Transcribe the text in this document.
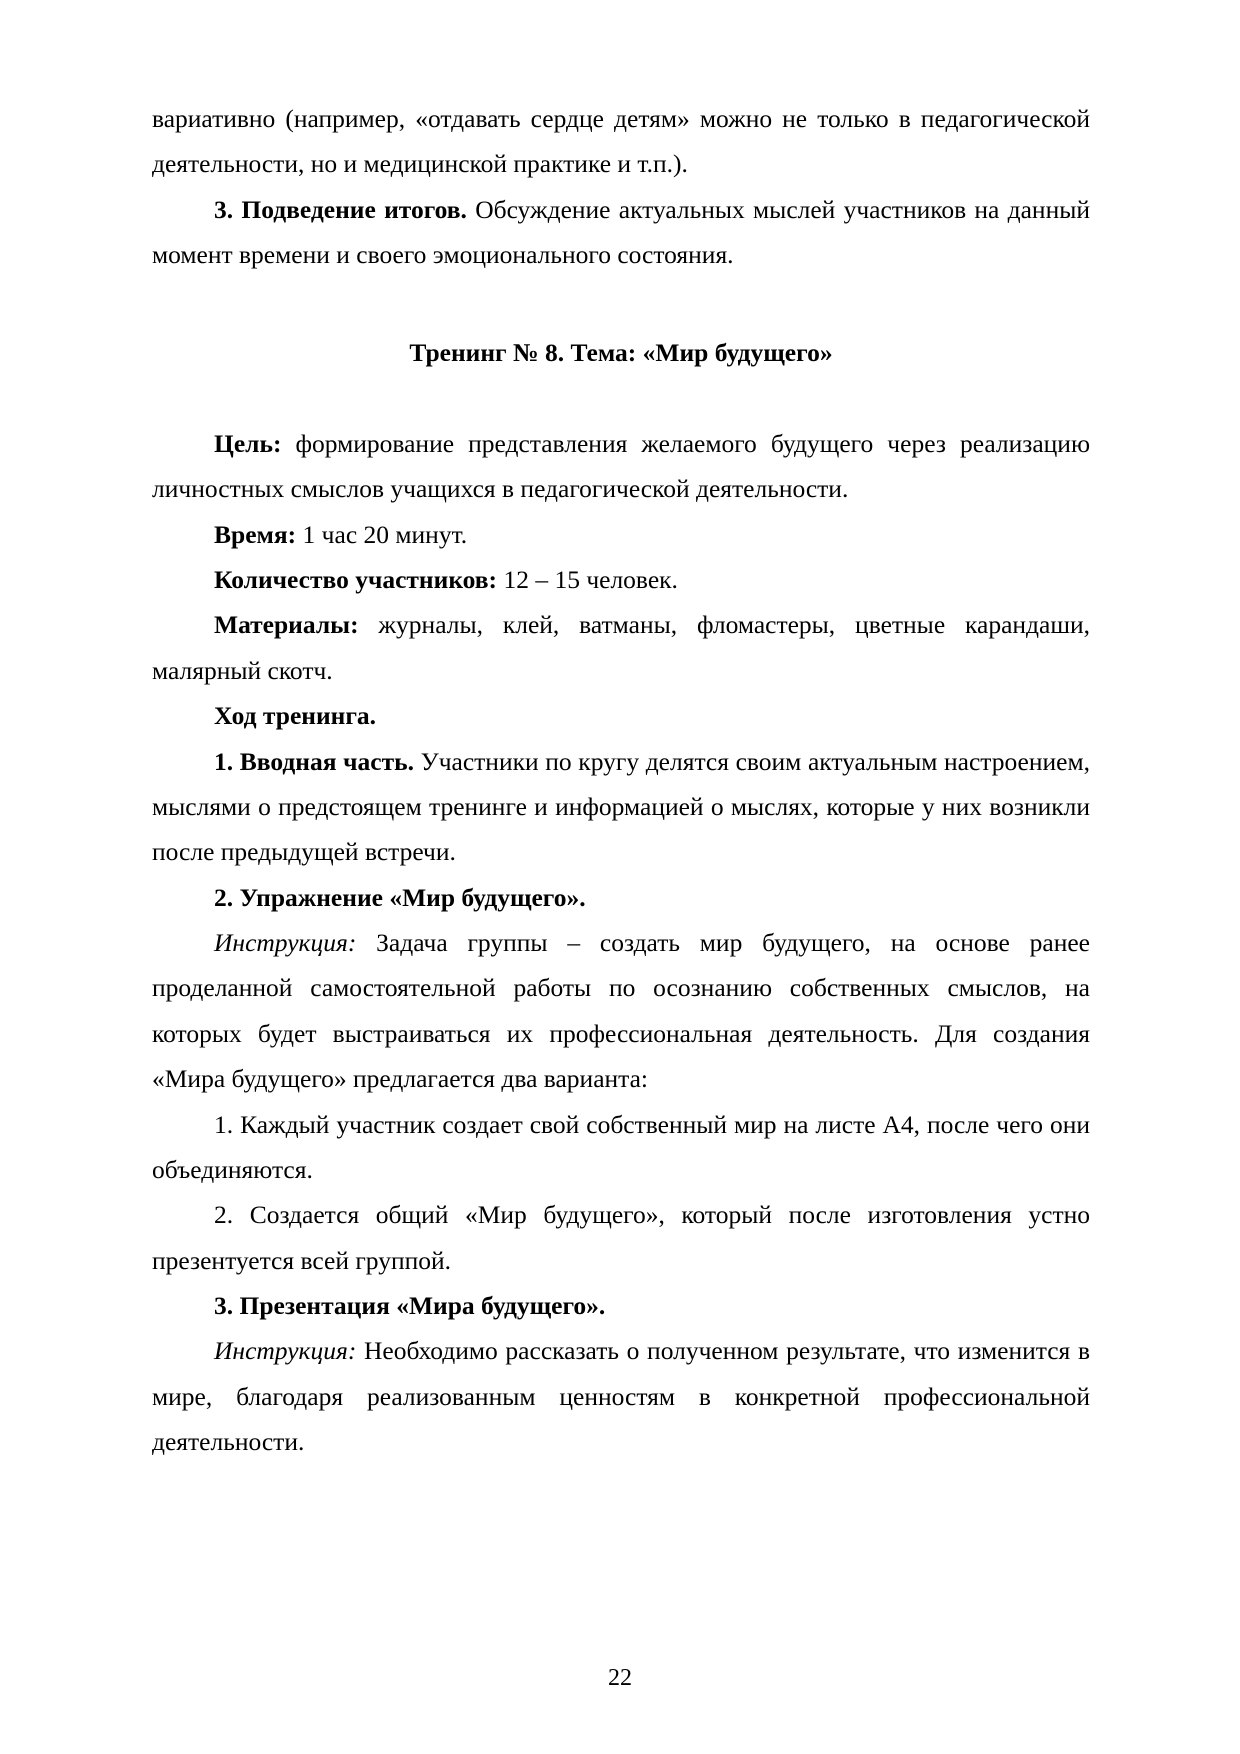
вариативно (например, «отдавать сердце детям» можно не только в педагогической деятельности, но и медицинской практике и т.п.).

3. Подведение итогов. Обсуждение актуальных мыслей участников на данный момент времени и своего эмоционального состояния.

Тренинг № 8. Тема: «Мир будущего»

Цель: формирование представления желаемого будущего через реализацию личностных смыслов учащихся в педагогической деятельности.

Время: 1 час 20 минут.

Количество участников: 12 – 15 человек.

Материалы: журналы, клей, ватманы, фломастеры, цветные карандаши, малярный скотч.

Ход тренинга.

1. Вводная часть. Участники по кругу делятся своим актуальным настроением, мыслями о предстоящем тренинге и информацией о мыслях, которые у них возникли после предыдущей встречи.

2. Упражнение «Мир будущего».

Инструкция: Задача группы – создать мир будущего, на основе ранее проделанной самостоятельной работы по осознанию собственных смыслов, на которых будет выстраиваться их профессиональная деятельность. Для создания «Мира будущего» предлагается два варианта:

1. Каждый участник создает свой собственный мир на листе А4, после чего они объединяются.

2. Создается общий «Мир будущего», который после изготовления устно презентуется всей группой.

3. Презентация «Мира будущего».

Инструкция: Необходимо рассказать о полученном результате, что изменится в мире, благодаря реализованным ценностям в конкретной профессиональной деятельности.

22
